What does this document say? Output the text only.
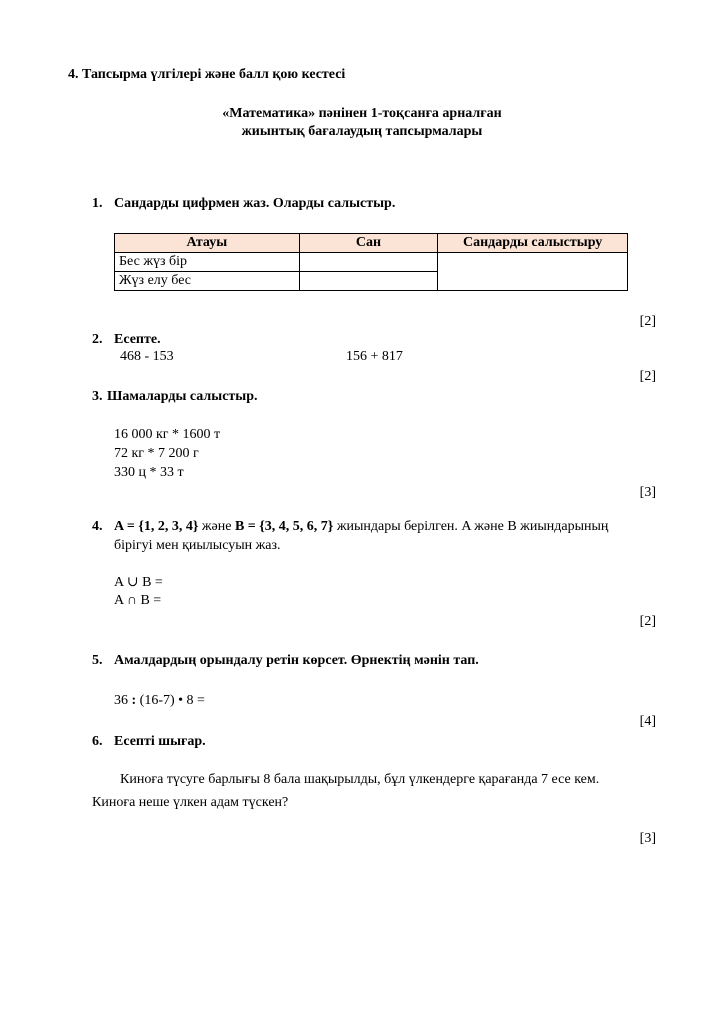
4. Тапсырма үлгілері және балл қою кестесі
«Математика» пәнінен 1-тоқсанға арналған
жиынтық бағалаудың тапсырмалары
1. Сандарды цифрмен жаз. Оларды салыстыр.
Атауы	Сан	Сандарды салыстыру
Бес жүз бір		
Жүз елу бес		
[2]
2. Есепте.
468 - 153	156 + 817
[2]
3. Шамаларды салыстыр.
16 000 кг * 1600 т
72 кг * 7 200 г
330 ц * 33 т
[3]
4. A = {1, 2, 3, 4} және B = {3, 4, 5, 6, 7} жиындары берілген. A және B жиындарының
бірігуі мен қиылысуын жаз.
A ∪ B =
A ∩ B =
[2]
5. Амалдардың орындалу ретін көрсет. Өрнектің мәнін тап.
36 : (16-7) • 8 =
[4]
6. Есепті шығар.
Киноға түсуге барлығы 8 бала шақырылды, бұл үлкендерге қарағанда 7 есе кем.
Киноға неше үлкен адам түскен?
[3]
